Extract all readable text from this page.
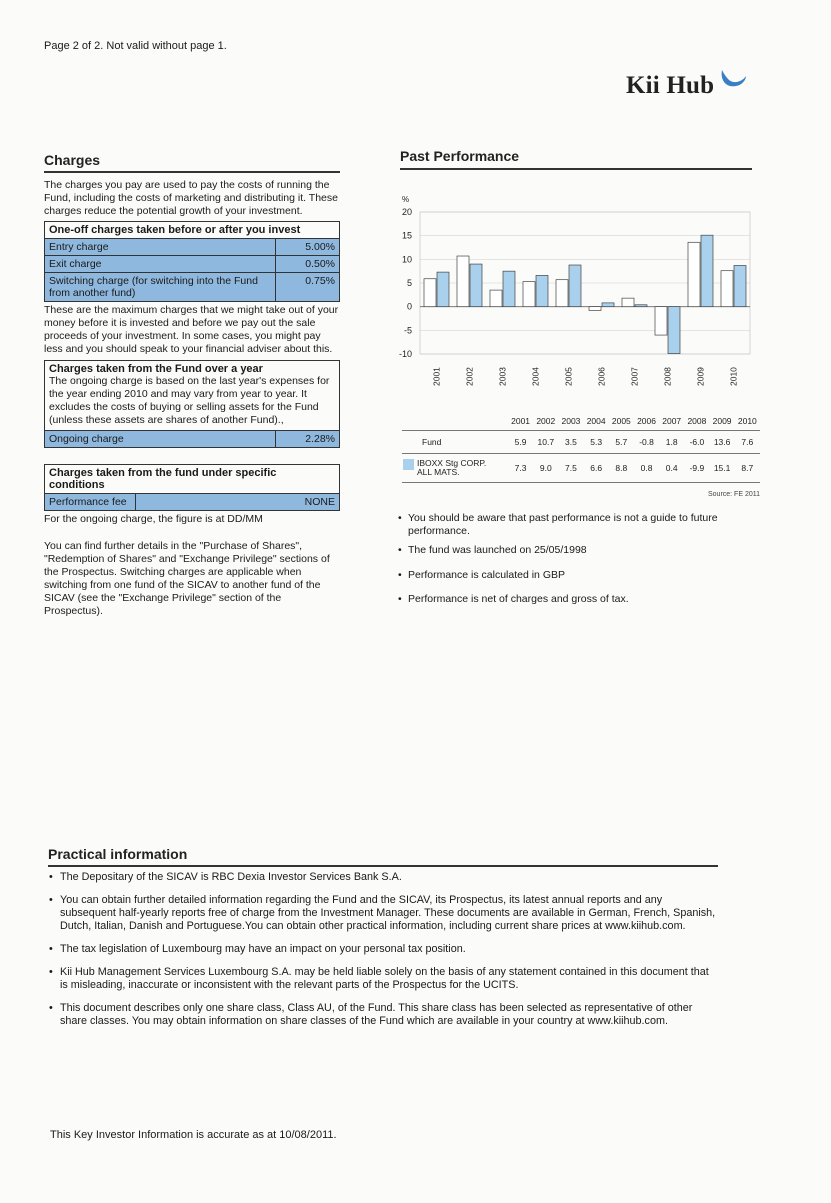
Page 2 of 2. Not valid without page 1.
Kii Hub
Charges
The charges you pay are used to pay the costs of running the Fund, including the costs of marketing and distributing it. These charges reduce the potential growth of your investment.
One-off charges taken before or after you invest	
Entry charge	5.00%
Exit charge	0.50%
Switching charge (for switching into the Fund from another fund)	0.75%
These are the maximum charges that we might take out of your money before it is invested and before we pay out the sale proceeds of your investment. In some cases, you might pay less and you should speak to your financial adviser about this.
Charges taken from the Fund over a year
The ongoing charge is based on the last year's expenses for the year ending 2010 and may vary from year to year. It excludes the costs of buying or selling assets for the Fund (unless these assets are shares of another Fund).,

Ongoing charge	2.28%
Charges taken from the fund under specific conditions
Performance fee	NONE
For the ongoing charge, the figure is at DD/MM
You can find further details in the "Purchase of Shares", "Redemption of Shares" and "Exchange Privilege" sections of the Prospectus. Switching charges are applicable when switching from one fund of the SICAV to another fund of the SICAV (see the "Exchange Privilege" section of the Prospectus).
Past Performance
%
-10
-5
0
5
10
15
20
2001	2002	2003	2004	2005	2006	2007	2008	2009	2010
	2001	2002	2003	2004	2005	2006	2007	2008	2009	2010
Fund	5.9	10.7	3.5	5.3	5.7	-0.8	1.8	-6.0	13.6	7.6
IBOXX Stg CORP. ALL MATS.	7.3	9.0	7.5	6.6	8.8	0.8	0.4	-9.9	15.1	8.7
Source: FE 2011
• You should be aware that past performance is not a guide to future performance.
• The fund was launched on 25/05/1998
• Performance is calculated in GBP
• Performance is net of charges and gross of tax.
Practical information
• The Depositary of the SICAV is RBC Dexia Investor Services Bank S.A.
• You can obtain further detailed information regarding the Fund and the SICAV, its Prospectus, its latest annual reports and any subsequent half-yearly reports free of charge from the Investment Manager. These documents are available in German, French, Spanish, Dutch, Italian, Danish and Portuguese.You can obtain other practical information, including current share prices at www.kiihub.com.
• The tax legislation of Luxembourg may have an impact on your personal tax position.
• Kii Hub Management Services Luxembourg S.A. may be held liable solely on the basis of any statement contained in this document that is misleading, inaccurate or inconsistent with the relevant parts of the Prospectus for the UCITS.
• This document describes only one share class, Class AU, of the Fund. This share class has been selected as representative of other share classes. You may obtain information on share classes of the Fund which are available in your country at www.kiihub.com.
This Key Investor Information is accurate as at 10/08/2011.
